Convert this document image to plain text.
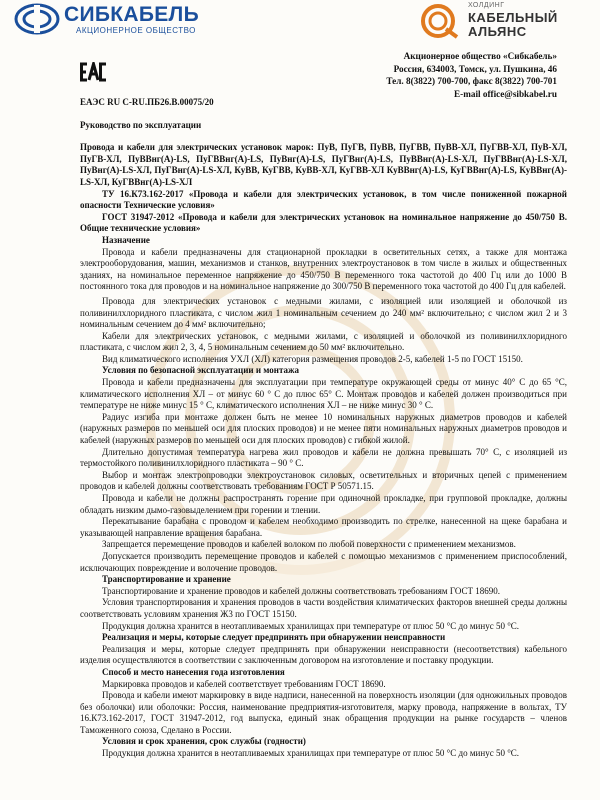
СИБКАБЕЛЬ
АКЦИОНЕРНОЕ ОБЩЕСТВО
ХОЛДИНГ
КАБЕЛЬНЫЙ
АЛЬЯНС
Акционерное общество «Сибкабель»
Россия, 634003, Томск, ул. Пушкина, 46
Тел. 8(3822) 700-700, факс 8(3822) 700-701
E-mail office@sibkabel.ru

ЕАЭС RU С-RU.ПБ26.В.00075/20

Руководство по эксплуатации

Провода и кабели для электрических установок марок: ПуВ, ПуГВ, ПуВВ, ПуГВВ, ПуВВ-ХЛ, ПуГВВ-ХЛ, ПуВ-ХЛ, ПуГВ-ХЛ, ПуВВнг(А)-LS, ПуГВВнг(А)-LS, ПуВнг(А)-LS, ПуГВнг(А)-LS, ПуВВнг(А)-LS-ХЛ, ПуГВВнг(А)-LS-ХЛ, ПуВнг(А)-LS-ХЛ, ПуГВнг(А)-LS-ХЛ, КуВВ, КуГВВ, КуВВ-ХЛ, КуГВВ-ХЛ КуВВнг(А)-LS, КуГВВнг(А)-LS, КуВВнг(А)-LS-ХЛ, КуГВВнг(А)-LS-ХЛ

ТУ 16.К73.162-2017 «Провода и кабели для электрических установок, в том числе пониженной пожарной опасности Технические условия»

ГОСТ 31947-2012 «Провода и кабели для электрических установок на номинальное напряжение до 450/750 В. Общие технические условия»

Назначение

Провода и кабели предназначены для стационарной прокладки в осветительных сетях, а также для монтажа электрооборудования, машин, механизмов и станков, внутренних электроустановок в том числе в жилых и общественных зданиях, на номинальное переменное напряжение до 450/750 В переменного тока частотой до 400 Гц или до 1000 В постоянного тока для проводов и на номинальное напряжение до 300/750 В переменного тока частотой до 400 Гц для кабелей.

Провода для электрических установок с медными жилами, с изоляцией или изоляцией и оболочкой из поливинилхлоридного пластиката, с числом жил 1 номинальным сечением до 240 мм² включительно; с числом жил 2 и 3 номинальным сечением до 4 мм² включительно;

Кабели для электрических установок, с медными жилами, с изоляцией и оболочкой из поливинилхлоридного пластиката, с числом жил 2, 3, 4, 5 номинальным сечением до 50 мм² включительно.

Вид климатического исполнения УХЛ (ХЛ) категория размещения проводов 2-5, кабелей 1-5 по ГОСТ 15150.

Условия по безопасной эксплуатации и монтажа

Провода и кабели предназначены для эксплуатации при температуре окружающей среды от минус 40° С до 65 °С, климатического исполнения ХЛ – от минус 60 ° С до плюс 65° С. Монтаж проводов и кабелей должен производиться при температуре не ниже минус 15 ° С, климатического исполнения ХЛ – не ниже минус 30 ° С.

Радиус изгиба при монтаже должен быть не менее 10 номинальных наружных диаметров проводов и кабелей (наружных размеров по меньшей оси для плоских проводов) и не менее пяти номинальных наружных диаметров проводов и кабелей (наружных размеров по меньшей оси для плоских проводов) с гибкой жилой.

Длительно допустимая температура нагрева жил проводов и кабели не должна превышать 70° С, с изоляцией из термостойкого поливинилхлоридного пластиката – 90 ° С.

Выбор и монтаж электропроводки электроустановок силовых, осветительных и вторичных цепей с применением проводов и кабелей должны соответствовать требованиям ГОСТ Р 50571.15.

Провода и кабели не должны распространять горение при одиночной прокладке, при групповой прокладке, должны обладать низким дымо-газовыделением при горении и тлении.

Перекатывание барабана с проводом и кабелем необходимо производить по стрелке, нанесенной на щеке барабана и указывающей направление вращения барабана.

Запрещается перемещение проводов и кабелей волоком по любой поверхности с применением механизмов.

Допускается производить перемещение проводов и кабелей с помощью механизмов с применением приспособлений, исключающих повреждение и волочение проводов.

Транспортирование и хранение

Транспортирование и хранение проводов и кабелей должны соответствовать требованиям ГОСТ 18690.

Условия транспортирования и хранения проводов в части воздействия климатических факторов внешней среды должны соответствовать условиям хранения Ж3 по ГОСТ 15150.

Продукция должна хранится в неотапливаемых хранилищах при температуре от плюс 50 °С до минус 50 °С.

Реализация и меры, которые следует предпринять при обнаружении неисправности

Реализация и меры, которые следует предпринять при обнаружении неисправности (несоответствия) кабельного изделия осуществляются в соответствии с заключенным договором на изготовление и поставку продукции.

Способ и место нанесения года изготовления

Маркировка проводов и кабелей соответствует требованиям ГОСТ 18690.

Провода и кабели имеют маркировку в виде надписи, нанесенной на поверхность изоляции (для одножильных проводов без оболочки) или оболочки: Россия, наименование предприятия-изготовителя, марку провода, напряжение в вольтах, ТУ 16.К73.162-2017, ГОСТ 31947-2012, год выпуска, единый знак обращения продукции на рынке государств – членов Таможенного союза, Сделано в России.

Условия и срок хранения, срок службы (годности)

Продукция должна хранится в неотапливаемых хранилищах при температуре от плюс 50 °С до минус 50 °С.
